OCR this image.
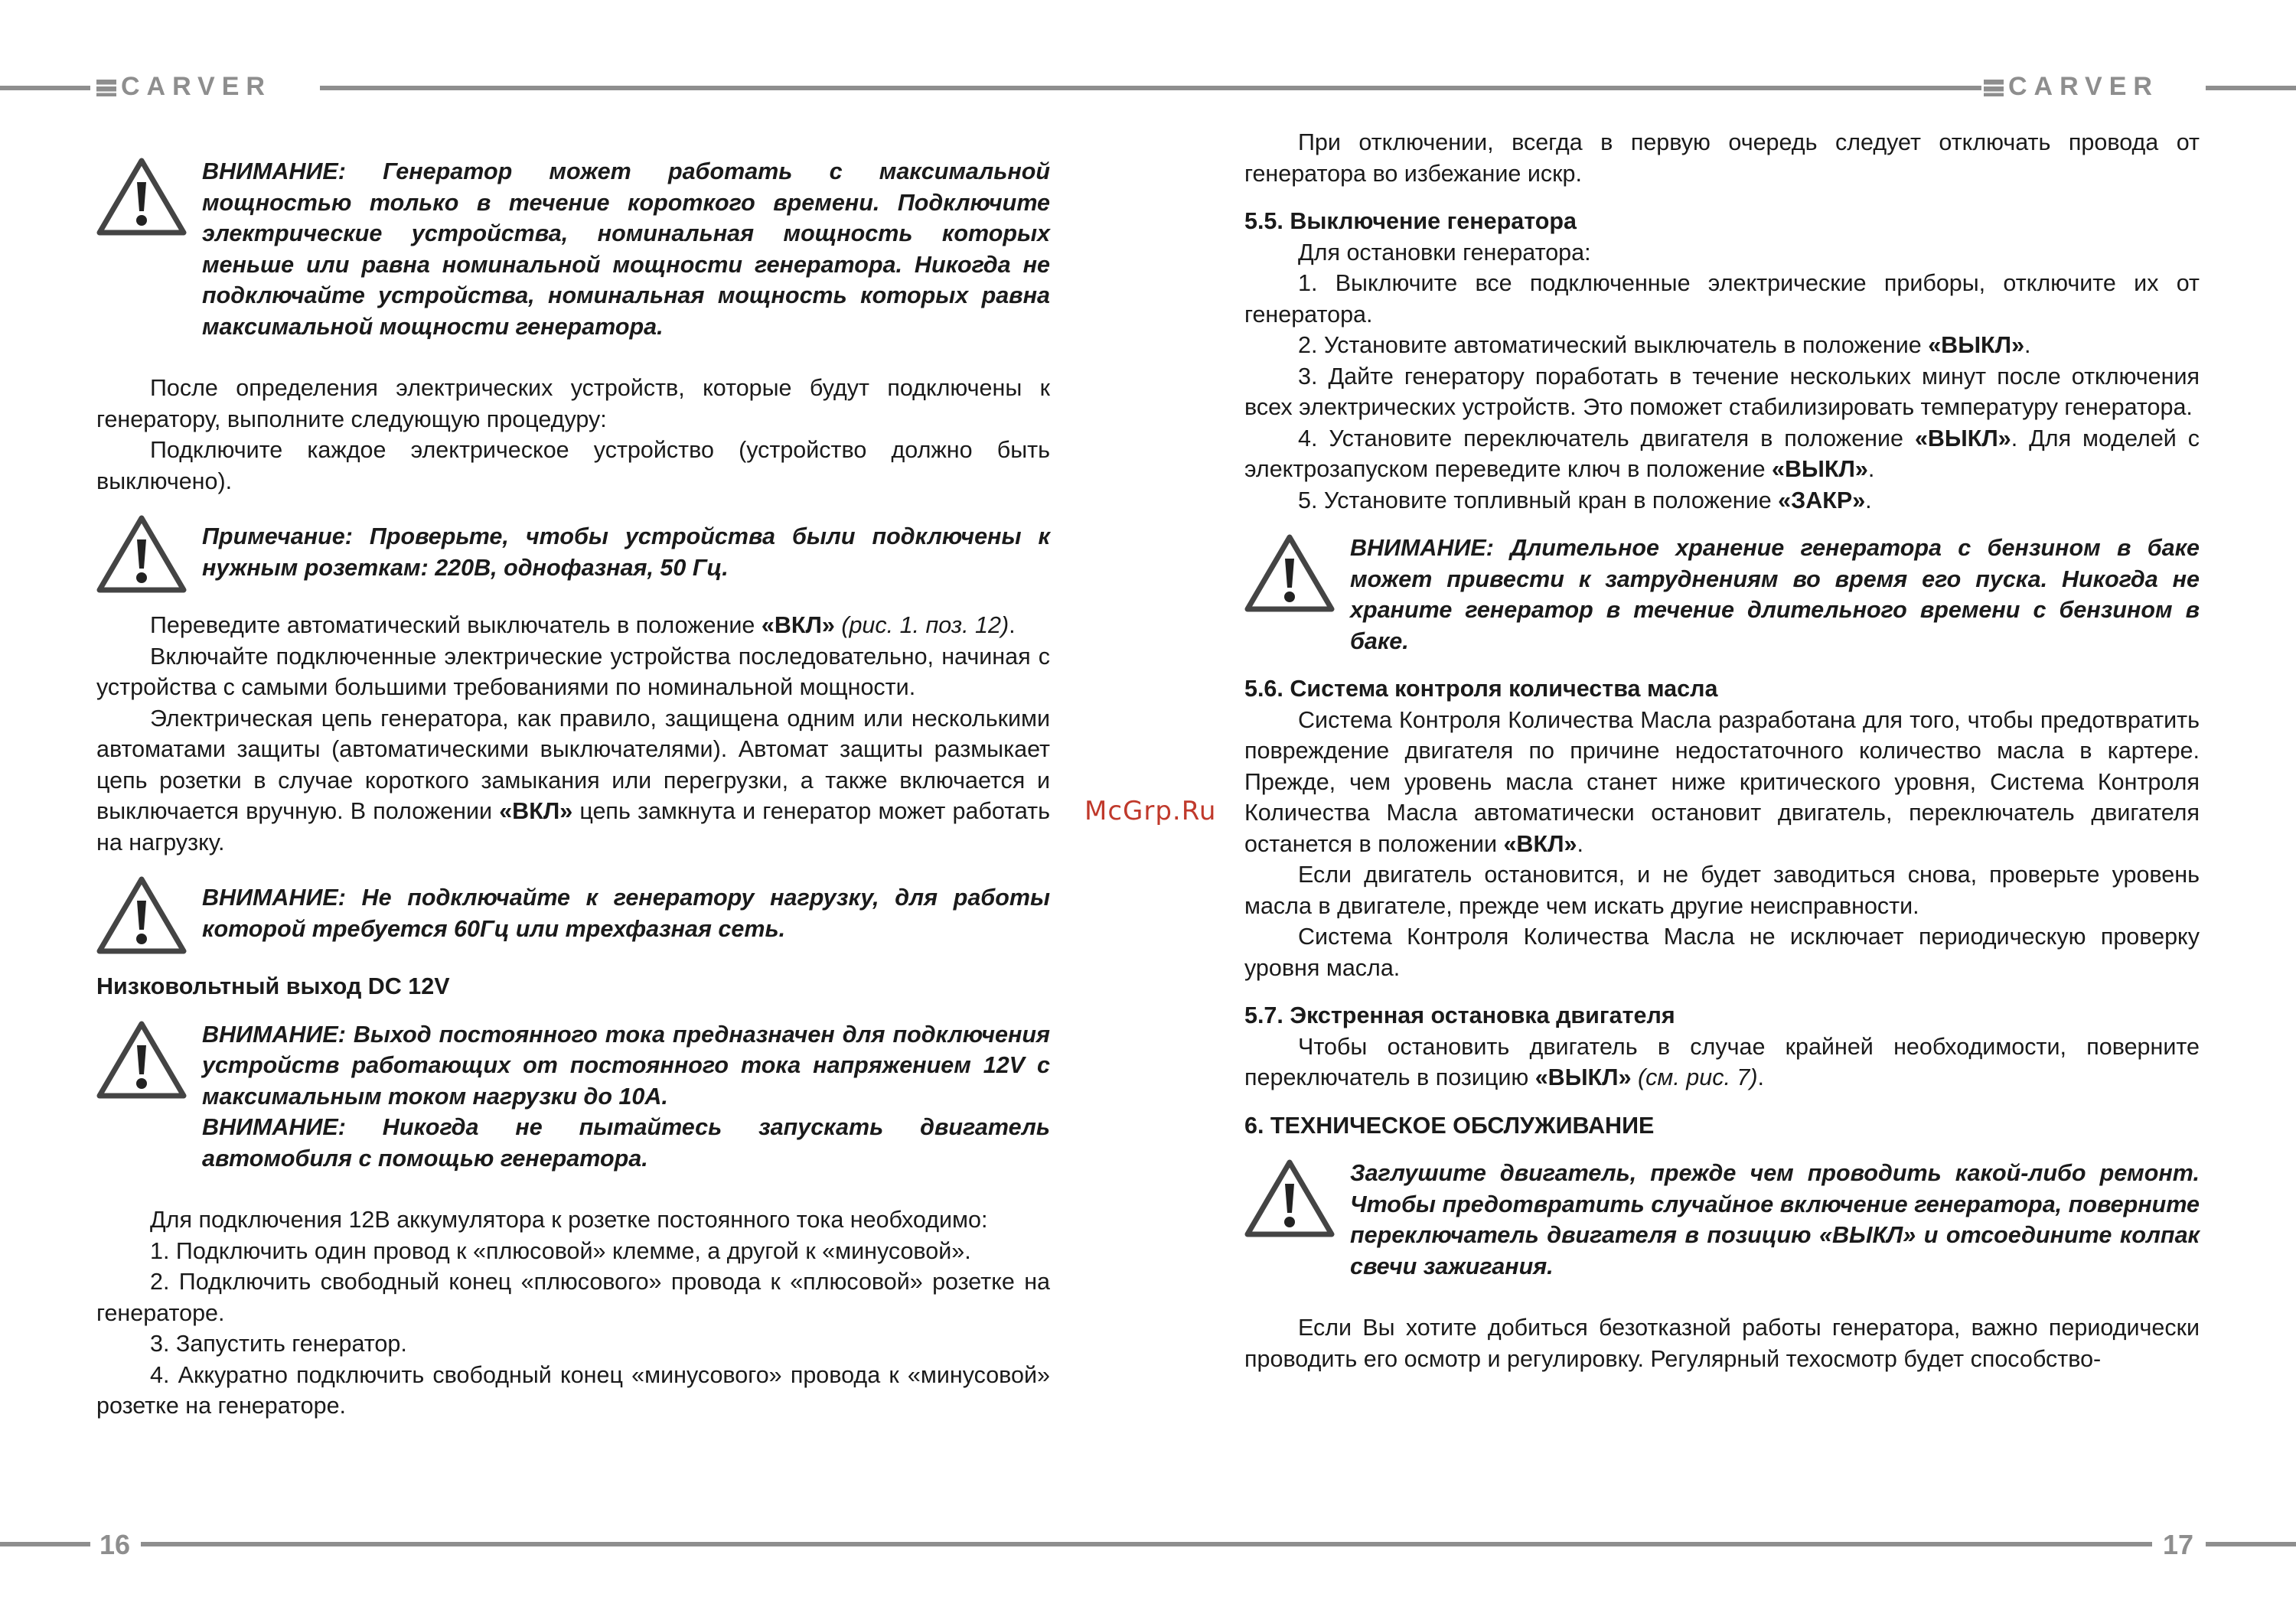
CARVER	CARVER
16	17
McGrp.Ru

ВНИМАНИЕ: Генератор может работать с максимальной мощностью только в течение короткого времени. Подключите электрические устройства, номинальная мощность которых меньше или равна номинальной мощности генератора. Никогда не подключайте устройства, номинальная мощность которых равна максимальной мощности генератора.

После определения электрических устройств, которые будут подключены к генератору, выполните следующую процедуру:

Подключите каждое электрическое устройство (устройство должно быть выключено).

Примечание: Проверьте, чтобы устройства были подключены к нужным розеткам: 220В, однофазная, 50 Гц.

Переведите автоматический выключатель в положение «ВКЛ» (рис. 1. поз. 12).

Включайте подключенные электрические устройства последовательно, начиная с устройства с самыми большими требованиями по номинальной мощности.

Электрическая цепь генератора, как правило, защищена одним или несколькими автоматами защиты (автоматическими выключателями). Автомат защиты размыкает цепь розетки в случае короткого замыкания или перегрузки, а также включается и выключается вручную. В положении «ВКЛ» цепь замкнута и генератор может работать на нагрузку.

ВНИМАНИЕ: Не подключайте к генератору нагрузку, для работы которой требуется 60Гц или трехфазная сеть.

Низковольтный выход DC 12V

ВНИМАНИЕ: Выход постоянного тока предназначен для подключения устройств работающих от постоянного тока напряжением 12V с максимальным током нагрузки до 10А.

ВНИМАНИЕ: Никогда не пытайтесь запускать двигатель автомобиля с помощью генератора.

Для подключения 12В аккумулятора к розетке постоянного тока необходимо:

1. Подключить один провод к «плюсовой» клемме, а другой к «минусовой».

2. Подключить свободный конец «плюсового» провода к «плюсовой» розетке на генераторе.

3. Запустить генератор.

4. Аккуратно подключить свободный конец «минусового» провода к «минусовой» розетке на генераторе.

При отключении, всегда в первую очередь следует отключать провода от генератора во избежание искр.

5.5. Выключение генератора

Для остановки генератора:

1. Выключите все подключенные электрические приборы, отключите их от генератора.

2. Установите автоматический выключатель в положение «ВЫКЛ».

3. Дайте генератору поработать в течение нескольких минут после отключения всех электрических устройств. Это поможет стабилизировать температуру генератора.

4. Установите переключатель двигателя в положение «ВЫКЛ». Для моделей с электрозапуском переведите ключ в положение «ВЫКЛ».

5. Установите топливный кран в положение «ЗАКР».

ВНИМАНИЕ: Длительное хранение генератора с бензином в баке может привести к затруднениям во время его пуска. Никогда не храните генератор в течение длительного времени с бензином в баке.

5.6. Система контроля количества масла

Система Контроля Количества Масла разработана для того, чтобы предотвратить повреждение двигателя по причине недостаточного количество масла в картере. Прежде, чем уровень масла станет ниже критического уровня, Система Контроля Количества Масла автоматически остановит двигатель, переключатель двигателя останется в положении «ВКЛ».

Если двигатель остановится, и не будет заводиться снова, проверьте уровень масла в двигателе, прежде чем искать другие неисправности.

Система Контроля Количества Масла не исключает периодическую проверку уровня масла.

5.7. Экстренная остановка двигателя

Чтобы остановить двигатель в случае крайней необходимости, поверните переключатель в позицию «ВЫКЛ» (см. рис. 7).

6. ТЕХНИЧЕСКОЕ ОБСЛУЖИВАНИЕ

Заглушите двигатель, прежде чем проводить какой-либо ремонт. Чтобы предотвратить случайное включение генератора, поверните переключатель двигателя в позицию «ВЫКЛ» и отсоедините колпак свечи зажигания.

Если Вы хотите добиться безотказной работы генератора, важно периодически проводить его осмотр и регулировку. Регулярный техосмотр будет способство-
